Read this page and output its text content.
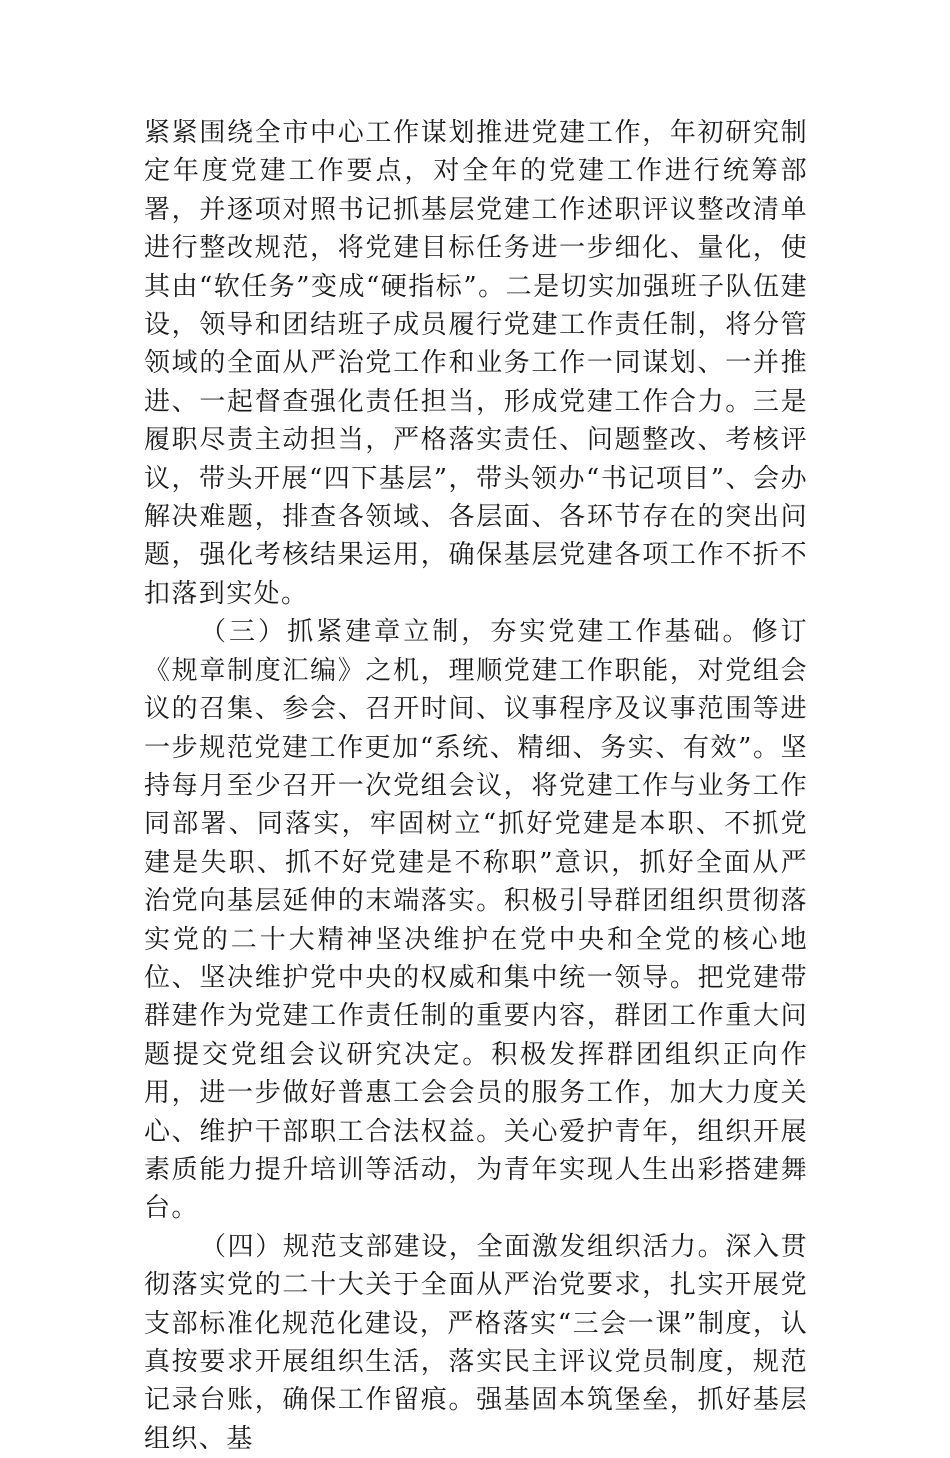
紧紧围绕全市中心工作谋划推进党建工作，年初研究制定年度党建工作要点，对全年的党建工作进行统筹部署，并逐项对照书记抓基层党建工作述职评议整改清单进行整改规范，将党建目标任务进一步细化、量化，使其由“软任务”变成“硬指标”。二是切实加强班子队伍建设，领导和团结班子成员履行党建工作责任制，将分管领域的全面从严治党工作和业务工作一同谋划、一并推进、一起督查强化责任担当，形成党建工作合力。三是履职尽责主动担当，严格落实责任、问题整改、考核评议，带头开展“四下基层”，带头领办“书记项目”、会办解决难题，排查各领域、各层面、各环节存在的突出问题，强化考核结果运用，确保基层党建各项工作不折不扣落到实处。

（三）抓紧建章立制，夯实党建工作基础。修订《规章制度汇编》之机，理顺党建工作职能，对党组会议的召集、参会、召开时间、议事程序及议事范围等进一步规范党建工作更加“系统、精细、务实、有效”。坚持每月至少召开一次党组会议，将党建工作与业务工作同部署、同落实，牢固树立“抓好党建是本职、不抓党建是失职、抓不好党建是不称职”意识，抓好全面从严治党向基层延伸的末端落实。积极引导群团组织贯彻落实党的二十大精神坚决维护在党中央和全党的核心地位、坚决维护党中央的权威和集中统一领导。把党建带群建作为党建工作责任制的重要内容，群团工作重大问题提交党组会议研究决定。积极发挥群团组织正向作用，进一步做好普惠工会会员的服务工作，加大力度关心、维护干部职工合法权益。关心爱护青年，组织开展素质能力提升培训等活动，为青年实现人生出彩搭建舞台。

（四）规范支部建设，全面激发组织活力。深入贯彻落实党的二十大关于全面从严治党要求，扎实开展党支部标准化规范化建设，严格落实“三会一课”制度，认真按要求开展组织生活，落实民主评议党员制度，规范记录台账，确保工作留痕。强基固本筑堡垒，抓好基层组织、基
